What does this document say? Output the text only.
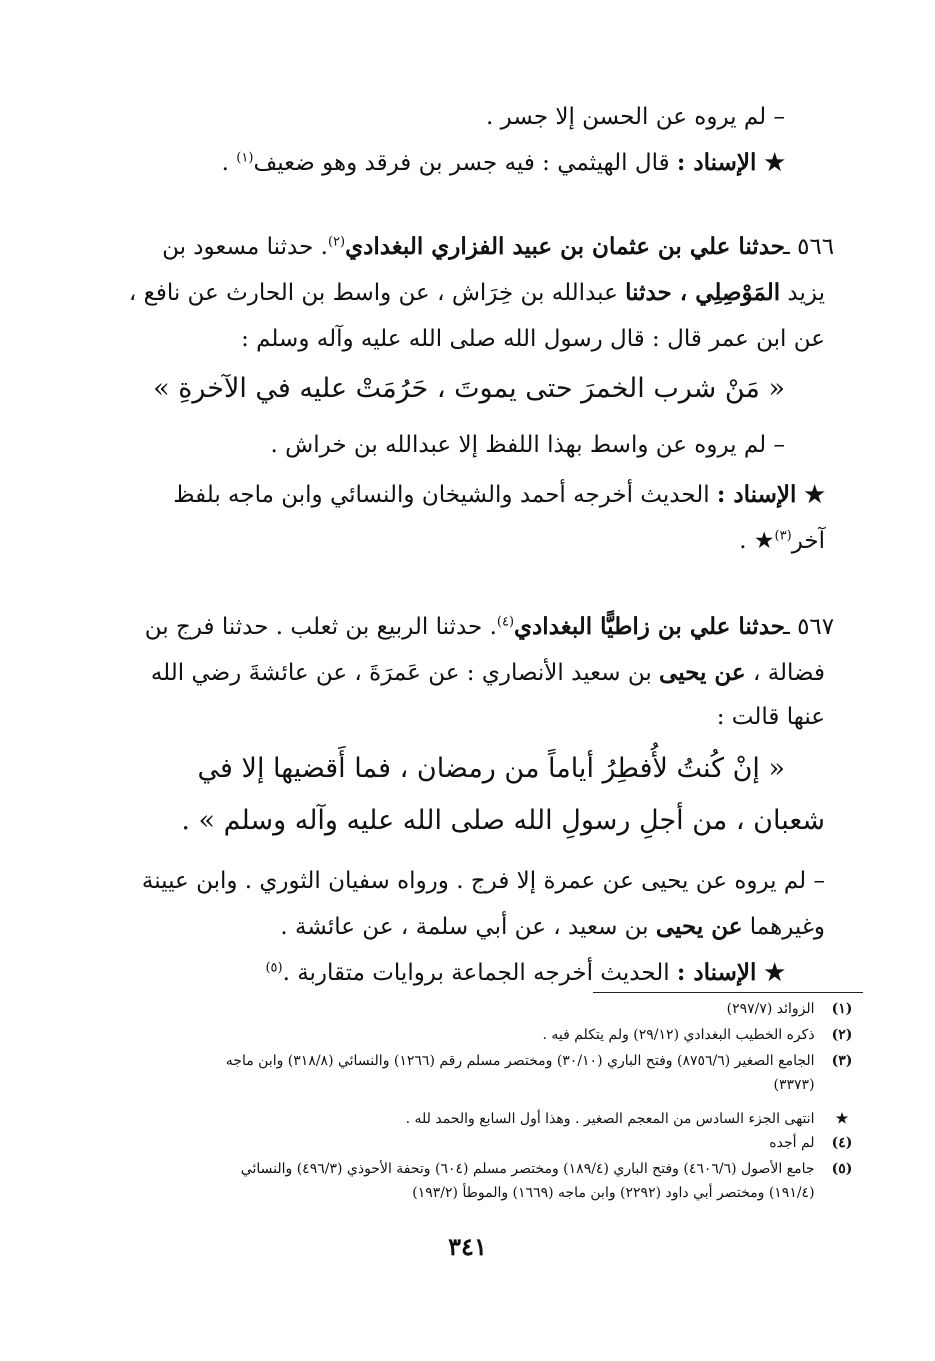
– لم يروه عن الحسن إلا جسر .
★ الإسناد : قال الهيثمي : فيه جسر بن فرقد وهو ضعيف$^{(١)}$ .
٥٦٦ ـ
حدثنا علي بن عثمان بن عبيد الفزاري البغدادي$^{(٢)}$. حدثنا مسعود بن
يزيد المَوْصِلِي ، حدثنا عبدالله بن خِرَاش ، عن واسط بن الحارث عن نافع ،
عن ابن عمر قال : قال رسول الله صلى الله عليه وآله وسلم :
« مَنْ شرب الخمرَ حتى يموتَ ، حَرُمَتْ عليه في الآخرةِ »
– لم يروه عن واسط بهذا اللفظ إلا عبدالله بن خراش .
★ الإسناد : الحديث أخرجه أحمد والشيخان والنسائي وابن ماجه بلفظ
آخر$^{(٣)}$★ .
٥٦٧ ـ
حدثنا علي بن زاطيًّا البغدادي$^{(٤)}$. حدثنا الربيع بن ثعلب . حدثنا فرج بن
فضالة ، عن يحيى بن سعيد الأنصاري : عن عَمرَةَ ، عن عائشةَ رضي الله
عنها قالت :
« إنْ كُنتُ لأُفطِرُ أياماً من رمضان ، فما أَقضيها إلا في
شعبان ، من أجلِ رسولِ الله صلى الله عليه وآله وسلم » .
– لم يروه عن يحيى عن عمرة إلا فرج . ورواه سفيان الثوري . وابن عيينة
وغيرهما عن يحيى بن سعيد ، عن أبي سلمة ، عن عائشة .
★ الإسناد : الحديث أخرجه الجماعة بروايات متقاربة .$^{(٥)}$
(١) الزوائد (٢٩٧/٧)
(٢) ذكره الخطيب البغدادي (٢٩/١٢) ولم يتكلم فيه .
(٣) الجامع الصغير (٨٧٥٦/٦) وفتح الباري (٣٠/١٠) ومختصر مسلم رقم (١٢٦٦) والنسائي (٣١٨/٨) وابن ماجه
(٣٣٧٣)
★ انتهى الجزء السادس من المعجم الصغير . وهذا أول السابع والحمد لله .
(٤) لم أجده
(٥) جامع الأصول (٤٦٠٦/٦) وفتح الباري (١٨٩/٤) ومختصر مسلم (٦٠٤) وتحفة الأحوذي (٤٩٦/٣) والنسائي
(١٩١/٤) ومختصر أبي داود (٢٢٩٢) وابن ماجه (١٦٦٩) والموطأ (١٩٣/٢)
٣٤١
